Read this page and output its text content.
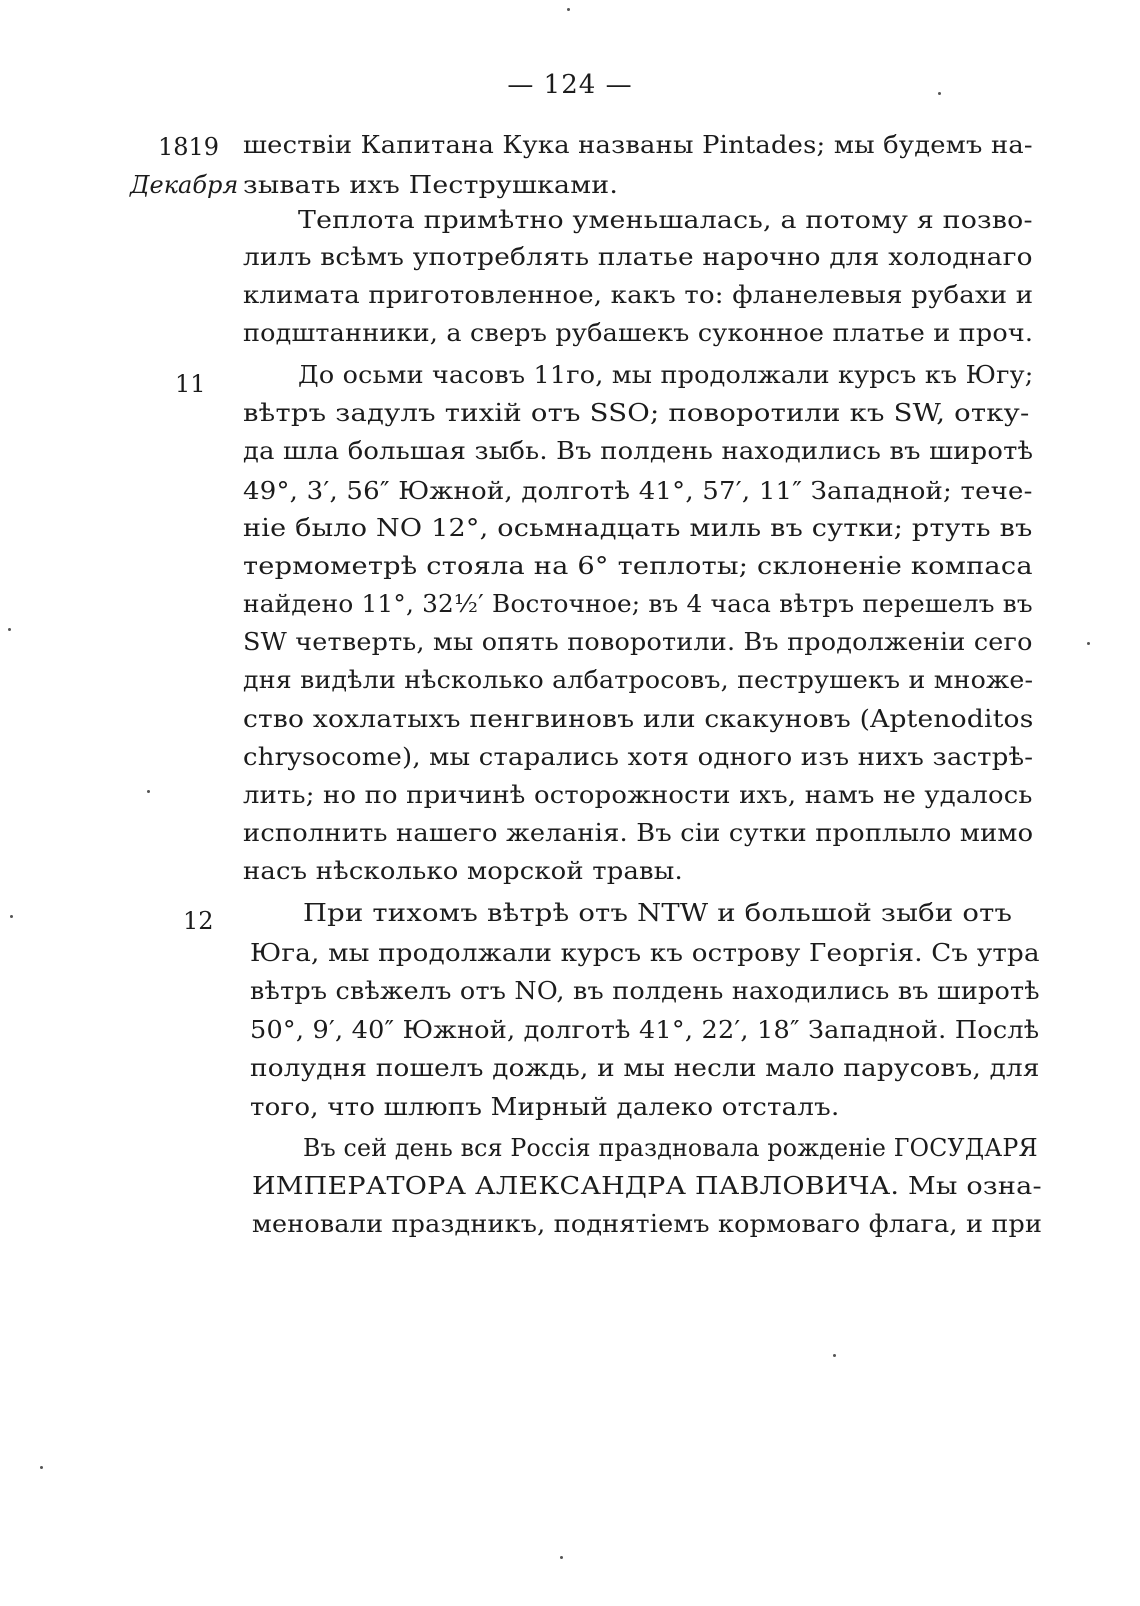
— 124 —
1819
Декабря
11
12
шествіи Капитана Кука названы Pintades; мы будемъ на-
зывать ихъ Пеструшками.
Теплота примѣтно уменьшалась, а потому я позво-
лилъ всѣмъ употреблять платье нарочно для холоднаго
климата приготовленное, какъ то: фланелевыя рубахи и
подштанники, а сверъ рубашекъ суконное платье и проч.
До осьми часовъ 11го, мы продолжали курсъ къ Югу;
вѣтръ задулъ тихій отъ SSO; поворотили къ SW, отку-
да шла большая зыбь. Въ полдень находились въ широтѣ
49°, 3′, 56″ Южной, долготѣ 41°, 57′, 11″ Западной; тече-
ніе было NO 12°, осьмнадцать миль въ сутки; ртуть въ
термометрѣ стояла на 6° теплоты; склоненіе компаса
найдено 11°, 32½′ Восточное; въ 4 часа вѣтръ перешелъ въ
SW четверть, мы опять поворотили. Въ продолженіи сего
дня видѣли нѣсколько албатросовъ, пеструшекъ и множе-
ство хохлатыхъ пенгвиновъ или скакуновъ (Aptenoditos
chrysocome), мы старались хотя одного изъ нихъ застрѣ-
лить; но по причинѣ осторожности ихъ, намъ не удалось
исполнить нашего желанія. Въ сіи сутки проплыло мимо
насъ нѣсколько морской травы.
При тихомъ вѣтрѣ отъ NTW и большой зыби отъ
Юга, мы продолжали курсъ къ острову Георгія. Съ утра
вѣтръ свѣжелъ отъ NO, въ полдень находились въ широтѣ
50°, 9′, 40″ Южной, долготѣ 41°, 22′, 18″ Западной. Послѣ
полудня пошелъ дождь, и мы несли мало парусовъ, для
того, что шлюпъ Мирный далеко отсталъ.
Въ сей день вся Россія праздновала рожденіе ГОСУДАРЯ
ИМПЕРАТОРА АЛЕКСАНДРА ПАВЛОВИЧА. Мы озна-
меновали праздникъ, поднятіемъ кормоваго флага, и при
